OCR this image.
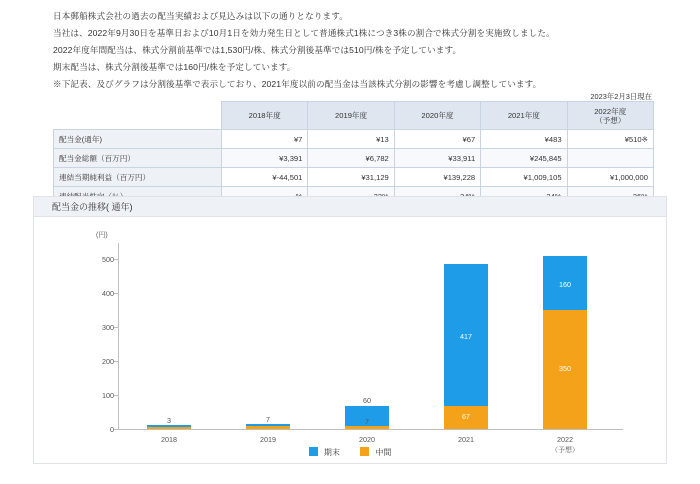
日本郵船株式会社の過去の配当実績および見込みは以下の通りとなります。

当社は、2022年9月30日を基準日および10月1日を効力発生日として普通株式1株につき3株の割合で株式分割を実施致しました。

2022年度年間配当は、株式分割前基準では1,530円/株、株式分割後基準では510円/株を予定しています。

期末配当は、株式分割後基準では160円/株を予定しています。

※下記表、及びグラフは分割後基準で表示しており、2021年度以前の配当金は当該株式分割の影響を考慮し調整しています。

2023年2月3日現在
	2018年度	2019年度	2020年度	2021年度	2022年度
（予想）

配当金(通年)	¥7	¥13	¥67	¥483	¥510※
配当金総額（百万円）	¥3,391	¥6,782	¥33,911	¥245,845	
連結当期純利益（百万円）	¥-44,501	¥31,129	¥139,228	¥1,009,105	¥1,000,000

配当金の推移( 通年)
(円)
0
100
200
300
400
500
3	7	7
60
67
417
350
160
2018	2019	2020	2021	2022
（予想）
期末	中間
